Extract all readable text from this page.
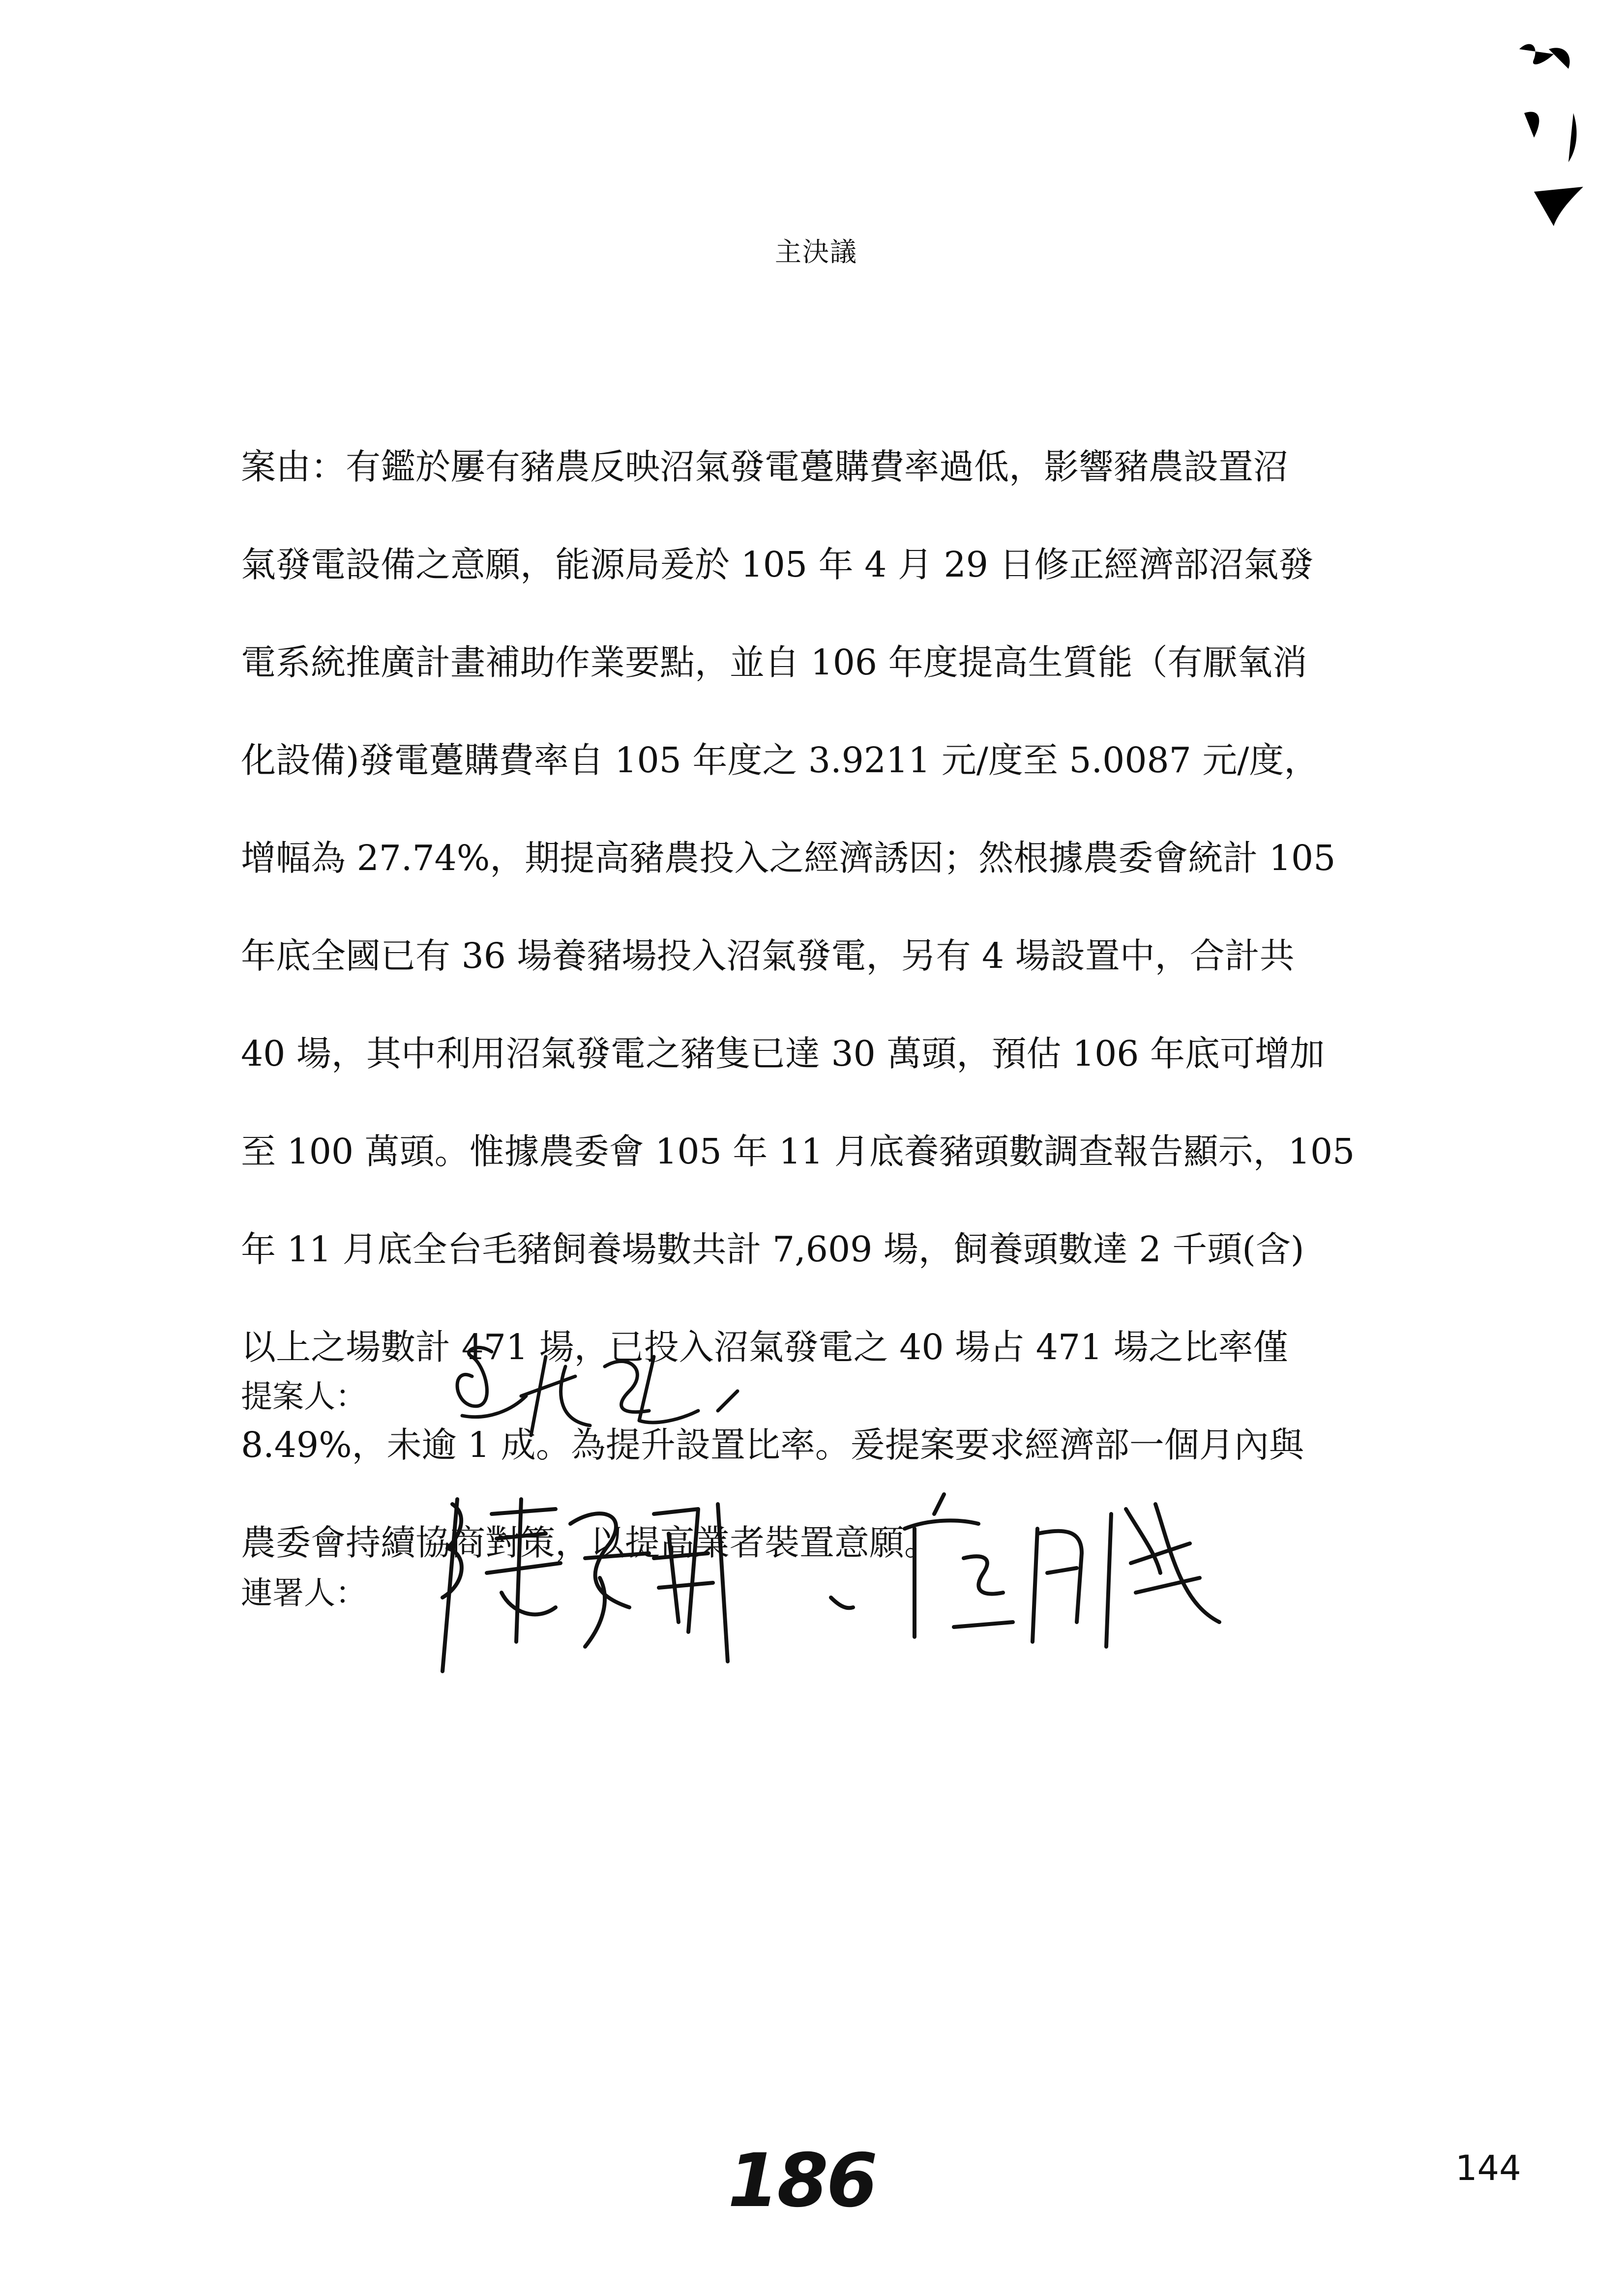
主決議
案由：有鑑於屢有豬農反映沼氣發電躉購費率過低，影響豬農設置沼
氣發電設備之意願，能源局爰於 105 年 4 月 29 日修正經濟部沼氣發
電系統推廣計畫補助作業要點，並自 106 年度提高生質能（有厭氧消
化設備)發電躉購費率自 105 年度之 3.9211 元/度至 5.0087 元/度，
增幅為 27.74%，期提高豬農投入之經濟誘因；然根據農委會統計 105
年底全國已有 36 場養豬場投入沼氣發電，另有 4 場設置中，合計共
40 場，其中利用沼氣發電之豬隻已達 30 萬頭，預估 106 年底可增加
至 100 萬頭。惟據農委會 105 年 11 月底養豬頭數調查報告顯示，105
年 11 月底全台毛豬飼養場數共計 7,609 場，飼養頭數達 2 千頭(含)
以上之場數計 471 場，已投入沼氣發電之 40 場占 471 場之比率僅
8.49%，未逾 1 成。為提升設置比率。爰提案要求經濟部一個月內與
農委會持續協商對策，以提高業者裝置意願。
提案人：
連署人：
186	144
